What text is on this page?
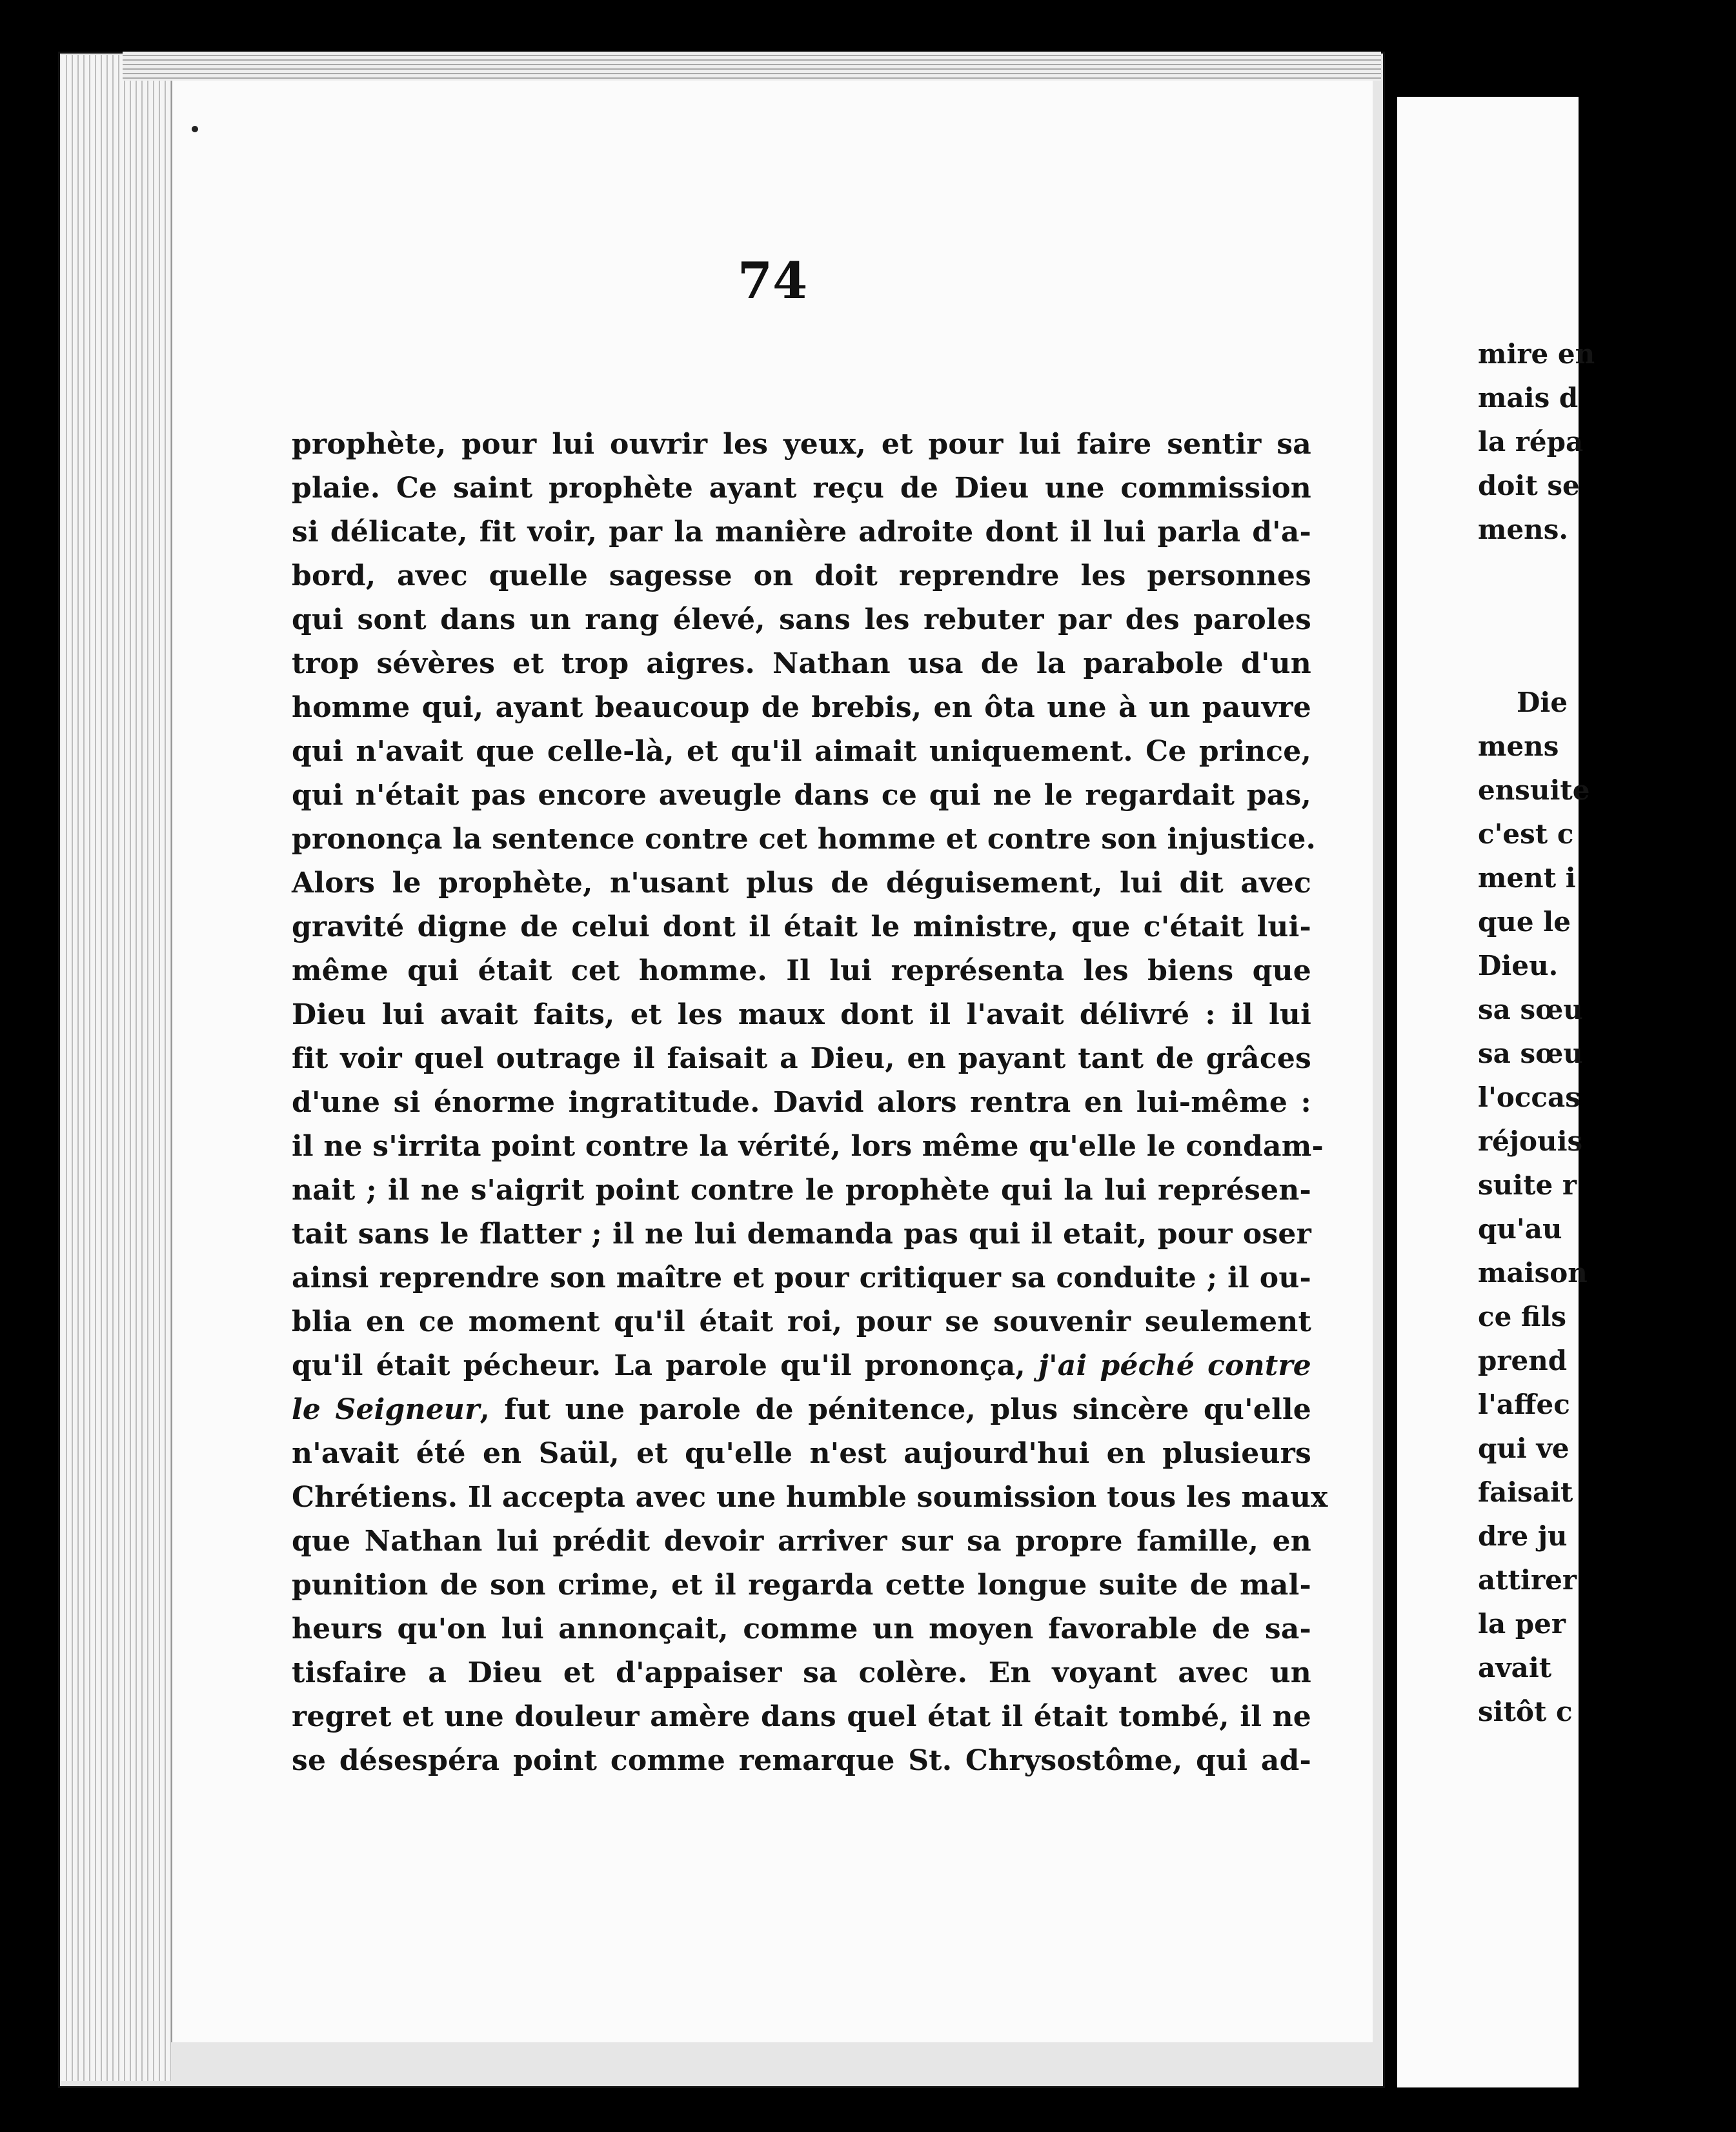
74
prophète, pour lui ouvrir les yeux, et pour lui faire sentir sa
plaie. Ce saint prophète ayant reçu de Dieu une commission
si délicate, fit voir, par la manière adroite dont il lui parla d'a-
bord, avec quelle sagesse on doit reprendre les personnes
qui sont dans un rang élevé, sans les rebuter par des paroles
trop sévères et trop aigres. Nathan usa de la parabole d'un
homme qui, ayant beaucoup de brebis, en ôta une à un pauvre
qui n'avait que celle-là, et qu'il aimait uniquement. Ce prince,
qui n'était pas encore aveugle dans ce qui ne le regardait pas,
prononça la sentence contre cet homme et contre son injustice.
Alors le prophète, n'usant plus de déguisement, lui dit avec
gravité digne de celui dont il était le ministre, que c'était lui-
même qui était cet homme. Il lui représenta les biens que
Dieu lui avait faits, et les maux dont il l'avait délivré : il lui
fit voir quel outrage il faisait a Dieu, en payant tant de grâces
d'une si énorme ingratitude. David alors rentra en lui-même :
il ne s'irrita point contre la vérité, lors même qu'elle le condam-
nait ; il ne s'aigrit point contre le prophète qui la lui représen-
tait sans le flatter ; il ne lui demanda pas qui il etait, pour oser
ainsi reprendre son maître et pour critiquer sa conduite ; il ou-
blia en ce moment qu'il était roi, pour se souvenir seulement
qu'il était pécheur. La parole qu'il prononça, j'ai péché contre
le Seigneur, fut une parole de pénitence, plus sincère qu'elle
n'avait été en Saül, et qu'elle n'est aujourd'hui en plusieurs
Chrétiens. Il accepta avec une humble soumission tous les maux
que Nathan lui prédit devoir arriver sur sa propre famille, en
punition de son crime, et il regarda cette longue suite de mal-
heurs qu'on lui annonçait, comme un moyen favorable de sa-
tisfaire a Dieu et d'appaiser sa colère. En voyant avec un
regret et une douleur amère dans quel état il était tombé, il ne
se désespéra point comme remarque St. Chrysostôme, qui ad-
mire en
mais d
la répa
doit se
mens.
Die
mens
ensuite
c'est c
ment i
que le
Dieu.
sa sœu
sa sœu
l'occas
réjouis
suite r
qu'au
maison
ce fils
prend
l'affec
qui ve
faisait
dre ju
attirer
la per
avait
sitôt c
